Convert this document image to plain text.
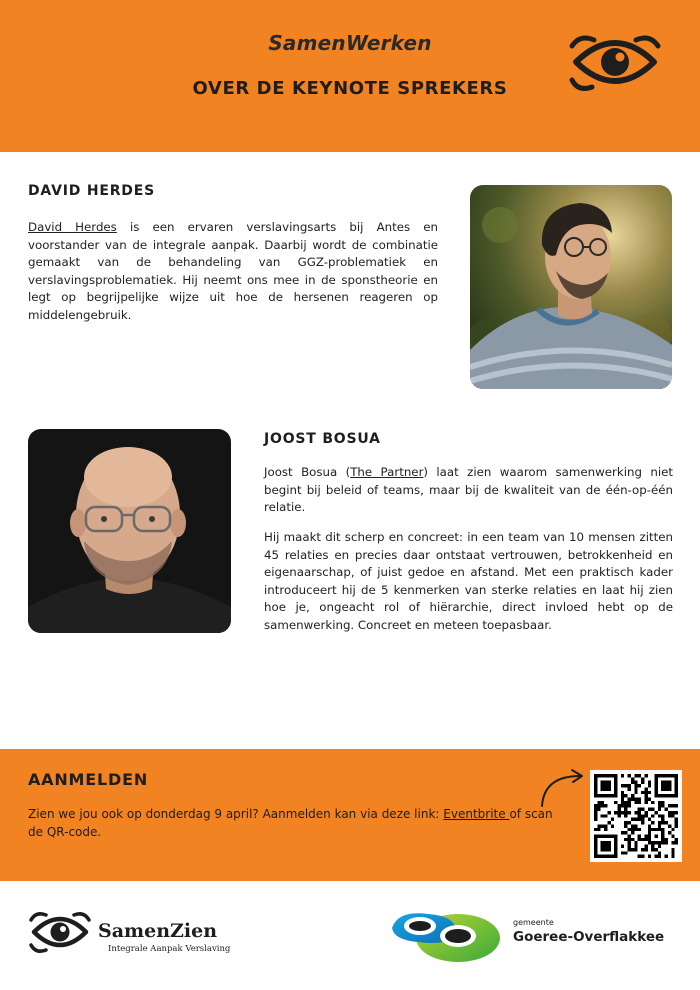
SamenWerken
OVER DE KEYNOTE SPREKERS
DAVID HERDES
David Herdes is een ervaren verslavingsarts bij Antes en voorstander van de integrale aanpak. Daarbij wordt de combinatie gemaakt van de behandeling van GGZ-problematiek en verslavingsproblematiek. Hij neemt ons mee in de sponstheorie en legt op begrijpelijke wijze uit hoe de hersenen reageren op middelengebruik.
JOOST BOSUA
Joost Bosua (The Partner) laat zien waarom samenwerking niet begint bij beleid of teams, maar bij de kwaliteit van de één-op-één relatie.
Hij maakt dit scherp en concreet: in een team van 10 mensen zitten 45 relaties en precies daar ontstaat vertrouwen, betrokkenheid en eigenaarschap, of juist gedoe en afstand. Met een praktisch kader introduceert hij de 5 kenmerken van sterke relaties en laat hij zien hoe je, ongeacht rol of hiërarchie, direct invloed hebt op de samenwerking. Concreet en meteen toepasbaar.
AANMELDEN
Zien we jou ook op donderdag 9 april? Aanmelden kan via deze link: Eventbrite of scan de QR-code.
SamenZien
Integrale Aanpak Verslaving
gemeente
Goeree-Overflakkee
